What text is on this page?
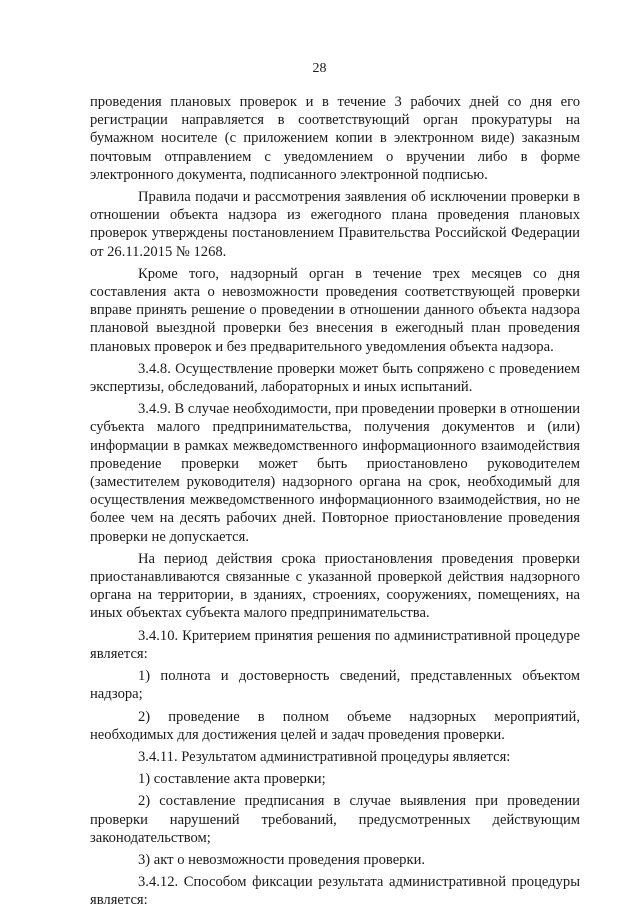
28

проведения плановых проверок и в течение 3 рабочих дней со дня его регистрации направляется в соответствующий орган прокуратуры на бумажном носителе (с приложением копии в электронном виде) заказным почтовым отправлением с уведомлением о вручении либо в форме электронного документа, подписанного электронной подписью.

Правила подачи и рассмотрения заявления об исключении проверки в отношении объекта надзора из ежегодного плана проведения плановых проверок утверждены постановлением Правительства Российской Федерации от 26.11.2015 № 1268.

Кроме того, надзорный орган в течение трех месяцев со дня составления акта о невозможности проведения соответствующей проверки вправе принять решение о проведении в отношении данного объекта надзора плановой выездной проверки без внесения в ежегодный план проведения плановых проверок и без предварительного уведомления объекта надзора.

3.4.8. Осуществление проверки может быть сопряжено с проведением экспертизы, обследований, лабораторных и иных испытаний.

3.4.9. В случае необходимости, при проведении проверки в отношении субъекта малого предпринимательства, получения документов и (или) информации в рамках межведомственного информационного взаимодействия проведение проверки может быть приостановлено руководителем (заместителем руководителя) надзорного органа на срок, необходимый для осуществления межведомственного информационного взаимодействия, но не более чем на десять рабочих дней. Повторное приостановление проведения проверки не допускается.

На период действия срока приостановления проведения проверки приостанавливаются связанные с указанной проверкой действия надзорного органа на территории, в зданиях, строениях, сооружениях, помещениях, на иных объектах субъекта малого предпринимательства.

3.4.10. Критерием принятия решения по административной процедуре является:

1) полнота и достоверность сведений, представленных объектом надзора;

2) проведение в полном объеме надзорных мероприятий, необходимых для достижения целей и задач проведения проверки.

3.4.11. Результатом административной процедуры является:

1) составление акта проверки;

2) составление предписания в случае выявления при проведении проверки нарушений требований, предусмотренных действующим законодательством;

3) акт о невозможности проведения проверки.

3.4.12. Способом фиксации результата административной процедуры является:
